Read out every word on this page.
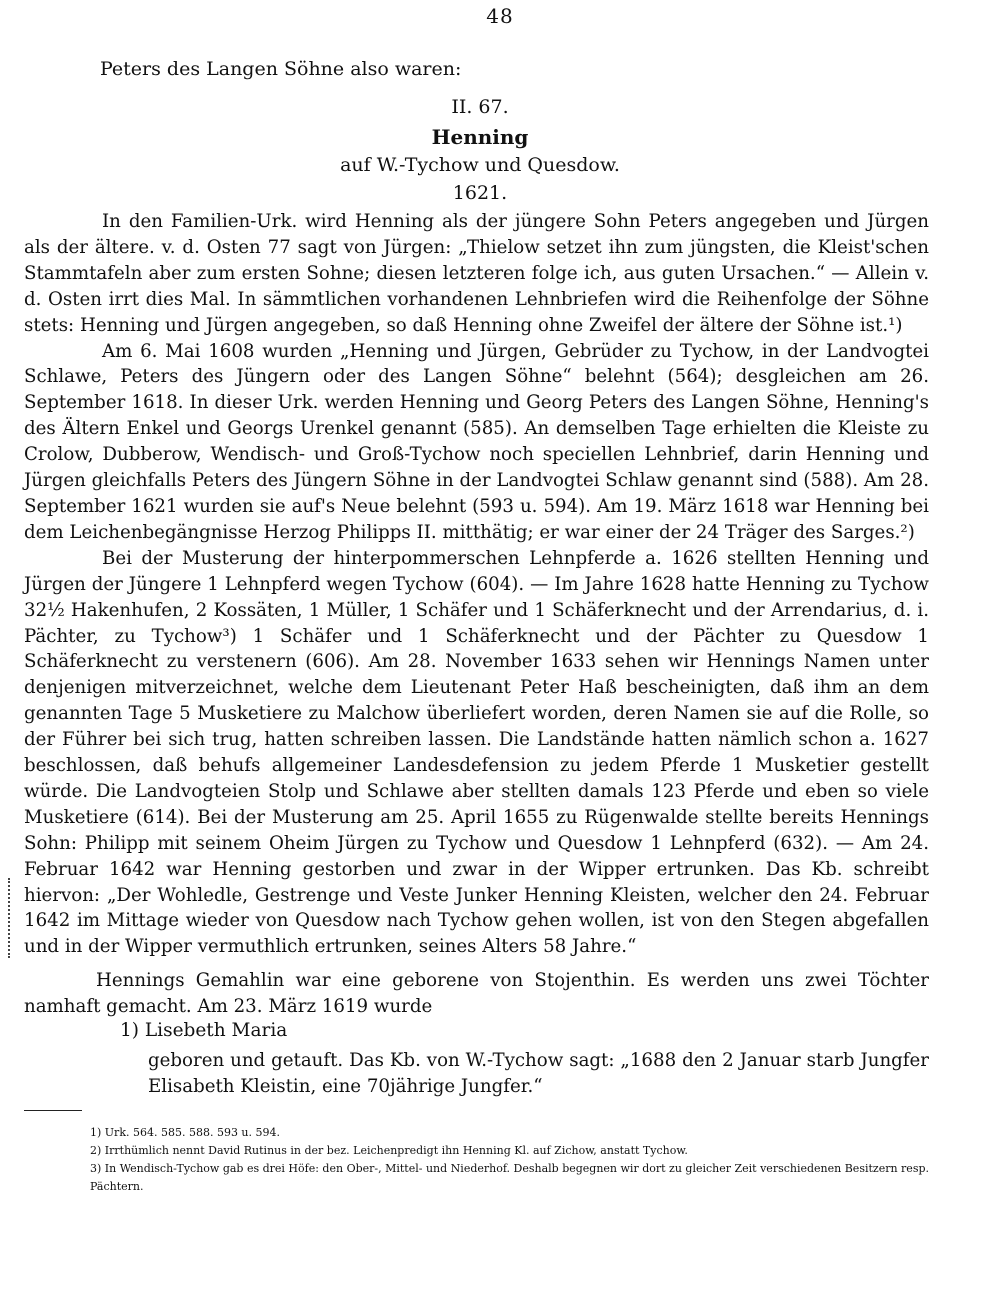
48
Peters des Langen Söhne also waren:
II. 67.
Henning
auf W.-Tychow und Quesdow.
1621.

In den Familien-Urk. wird Henning als der jüngere Sohn Peters angegeben und Jürgen als der ältere. v. d. Osten 77 sagt von Jürgen: „Thielow setzet ihn zum jüngsten, die Kleist'schen Stammtafeln aber zum ersten Sohne; diesen letzteren folge ich, aus guten Ursachen.“ — Allein v. d. Osten irrt dies Mal. In sämmtlichen vorhandenen Lehnbriefen wird die Reihenfolge der Söhne stets: Henning und Jürgen angegeben, so daß Henning ohne Zweifel der ältere der Söhne ist.¹)

Am 6. Mai 1608 wurden „Henning und Jürgen, Gebrüder zu Tychow, in der Landvogtei Schlawe, Peters des Jüngern oder des Langen Söhne“ belehnt (564); desgleichen am 26. September 1618. In dieser Urk. werden Henning und Georg Peters des Langen Söhne, Henning's des Ältern Enkel und Georgs Urenkel genannt (585). An demselben Tage erhielten die Kleiste zu Crolow, Dubberow, Wendisch- und Groß-Tychow noch speciellen Lehnbrief, darin Henning und Jürgen gleichfalls Peters des Jüngern Söhne in der Landvogtei Schlaw genannt sind (588). Am 28. September 1621 wurden sie auf's Neue belehnt (593 u. 594). Am 19. März 1618 war Henning bei dem Leichenbegängnisse Herzog Philipps II. mitthätig; er war einer der 24 Träger des Sarges.²)

Bei der Musterung der hinterpommerschen Lehnpferde a. 1626 stellten Henning und Jürgen der Jüngere 1 Lehnpferd wegen Tychow (604). — Im Jahre 1628 hatte Henning zu Tychow 32½ Hakenhufen, 2 Kossäten, 1 Müller, 1 Schäfer und 1 Schäferknecht und der Arrendarius, d. i. Pächter, zu Tychow³) 1 Schäfer und 1 Schäferknecht und der Pächter zu Quesdow 1 Schäferknecht zu verstenern (606). Am 28. November 1633 sehen wir Hennings Namen unter denjenigen mitverzeichnet, welche dem Lieutenant Peter Haß bescheinigten, daß ihm an dem genannten Tage 5 Musketiere zu Malchow überliefert worden, deren Namen sie auf die Rolle, so der Führer bei sich trug, hatten schreiben lassen. Die Landstände hatten nämlich schon a. 1627 beschlossen, daß behufs allgemeiner Landesdefension zu jedem Pferde 1 Musketier gestellt würde. Die Landvogteien Stolp und Schlawe aber stellten damals 123 Pferde und eben so viele Musketiere (614). Bei der Musterung am 25. April 1655 zu Rügenwalde stellte bereits Hennings Sohn: Philipp mit seinem Oheim Jürgen zu Tychow und Quesdow 1 Lehnpferd (632). — Am 24. Februar 1642 war Henning gestorben und zwar in der Wipper ertrunken. Das Kb. schreibt hiervon: „Der Wohledle, Gestrenge und Veste Junker Henning Kleisten, welcher den 24. Februar 1642 im Mittage wieder von Quesdow nach Tychow gehen wollen, ist von den Stegen abgefallen und in der Wipper vermuthlich ertrunken, seines Alters 58 Jahre.“

Hennings Gemahlin war eine geborene von Stojenthin. Es werden uns zwei Töchter namhaft gemacht. Am 23. März 1619 wurde

1) Lisebeth Maria
geboren und getauft. Das Kb. von W.-Tychow sagt: „1688 den 2 Januar starb Jungfer Elisabeth Kleistin, eine 70jährige Jungfer.“
1) Urk. 564. 585. 588. 593 u. 594.
2) Irrthümlich nennt David Rutinus in der bez. Leichenpredigt ihn Henning Kl. auf Zichow, anstatt Tychow.
3) In Wendisch-Tychow gab es drei Höfe: den Ober-, Mittel- und Niederhof. Deshalb begegnen wir dort zu gleicher Zeit verschiedenen Besitzern resp. Pächtern.
